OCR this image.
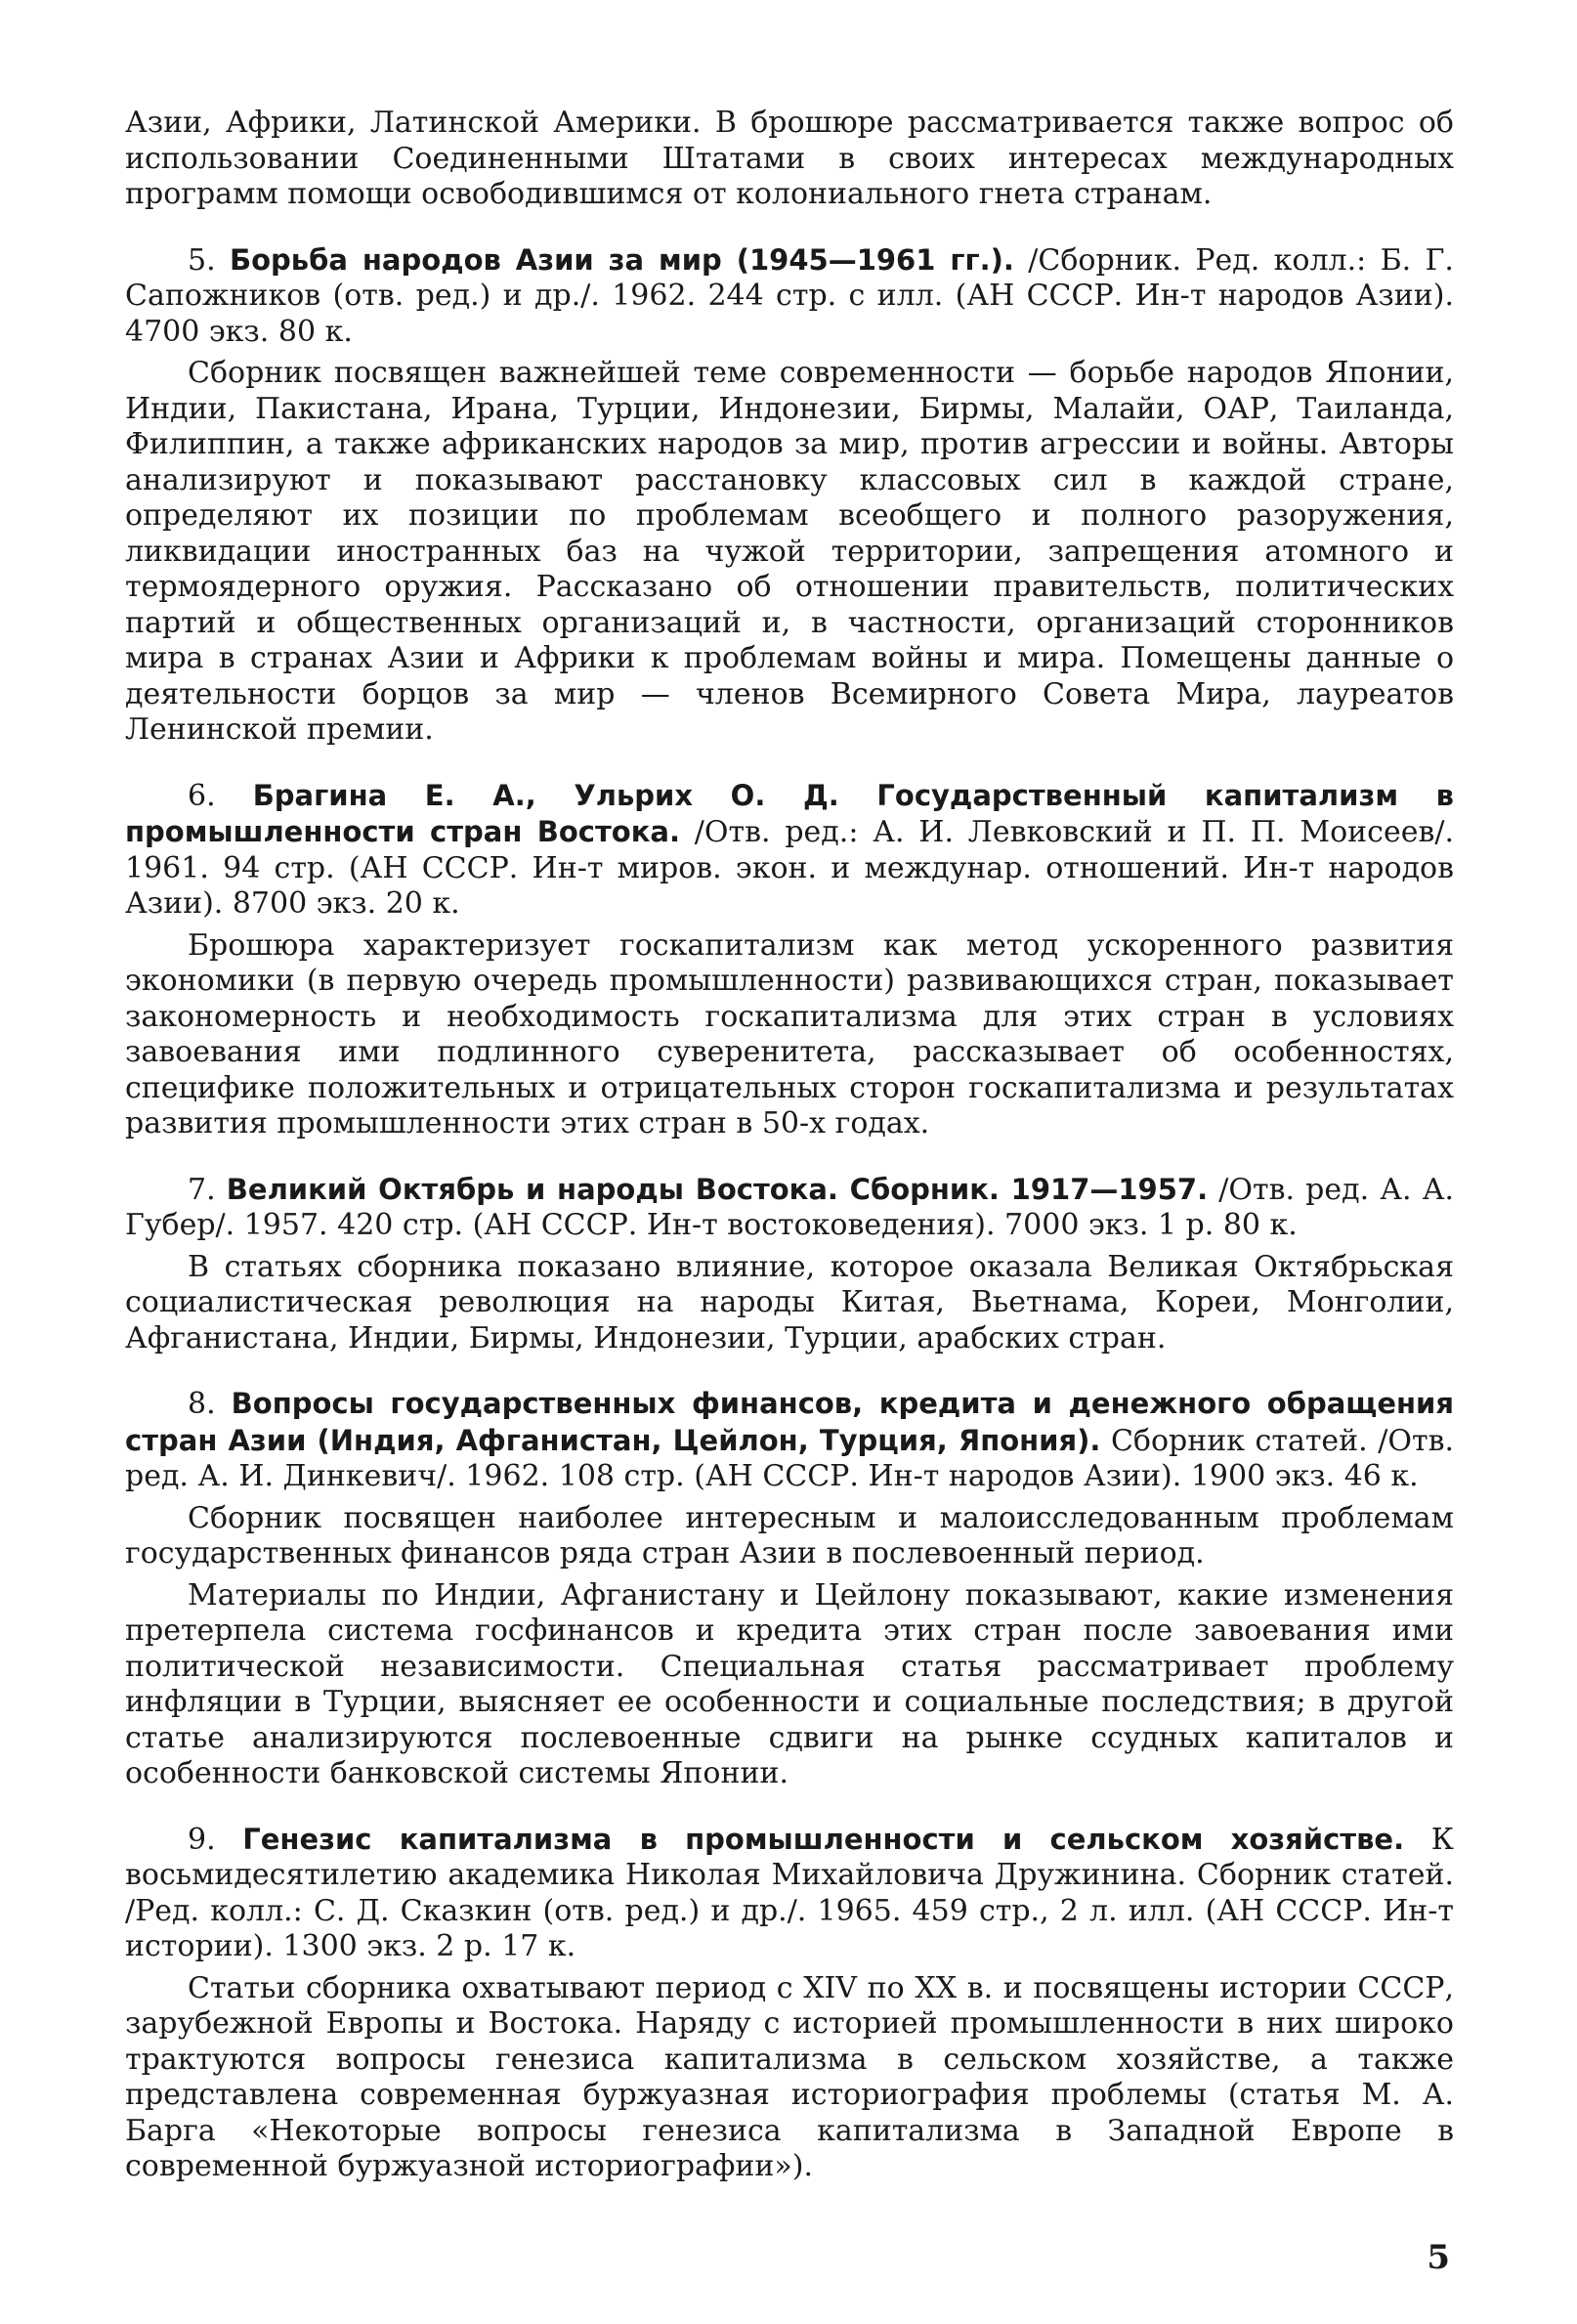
Азии, Африки, Латинской Америки. В брошюре рассматривается также вопрос об использовании Соединенными Штатами в своих интересах международных программ помощи освободившимся от колониального гнета странам.

5. Борьба народов Азии за мир (1945—1961 гг.). /Сборник. Ред. колл.: Б. Г. Сапожников (отв. ред.) и др./. 1962. 244 стр. с илл. (АН СССР. Ин-т народов Азии). 4700 экз. 80 к.

Сборник посвящен важнейшей теме современности — борьбе народов Японии, Индии, Пакистана, Ирана, Турции, Индонезии, Бирмы, Малайи, ОАР, Таиланда, Филиппин, а также африканских народов за мир, против агрессии и войны. Авторы анализируют и показывают расстановку классовых сил в каждой стране, определяют их позиции по проблемам всеобщего и полного разоружения, ликвидации иностранных баз на чужой территории, запрещения атомного и термоядерного оружия. Рассказано об отношении правительств, политических партий и общественных организаций и, в частности, организаций сторонников мира в странах Азии и Африки к проблемам войны и мира. Помещены данные о деятельности борцов за мир — членов Всемирного Совета Мира, лауреатов Ленинской премии.

6. Брагина Е. А., Ульрих О. Д. Государственный капитализм в промышленности стран Востока. /Отв. ред.: А. И. Левковский и П. П. Моисеев/. 1961. 94 стр. (АН СССР. Ин-т миров. экон. и междунар. отношений. Ин-т народов Азии). 8700 экз. 20 к.

Брошюра характеризует госкапитализм как метод ускоренного развития экономики (в первую очередь промышленности) развивающихся стран, показывает закономерность и необходимость госкапитализма для этих стран в условиях завоевания ими подлинного суверенитета, рассказывает об особенностях, специфике положительных и отрицательных сторон госкапитализма и результатах развития промышленности этих стран в 50-х годах.

7. Великий Октябрь и народы Востока. Сборник. 1917—1957. /Отв. ред. А. А. Губер/. 1957. 420 стр. (АН СССР. Ин-т востоковедения). 7000 экз. 1 р. 80 к.

В статьях сборника показано влияние, которое оказала Великая Октябрьская социалистическая революция на народы Китая, Вьетнама, Кореи, Монголии, Афганистана, Индии, Бирмы, Индонезии, Турции, арабских стран.

8. Вопросы государственных финансов, кредита и денежного обращения стран Азии (Индия, Афганистан, Цейлон, Турция, Япония). Сборник статей. /Отв. ред. А. И. Динкевич/. 1962. 108 стр. (АН СССР. Ин-т народов Азии). 1900 экз. 46 к.

Сборник посвящен наиболее интересным и малоисследованным проблемам государственных финансов ряда стран Азии в послевоенный период.

Материалы по Индии, Афганистану и Цейлону показывают, какие изменения претерпела система госфинансов и кредита этих стран после завоевания ими политической независимости. Специальная статья рассматривает проблему инфляции в Турции, выясняет ее особенности и социальные последствия; в другой статье анализируются послевоенные сдвиги на рынке ссудных капиталов и особенности банковской системы Японии.

9. Генезис капитализма в промышленности и сельском хозяйстве. К восьмидесятилетию академика Николая Михайловича Дружинина. Сборник статей. /Ред. колл.: С. Д. Сказкин (отв. ред.) и др./. 1965. 459 стр., 2 л. илл. (АН СССР. Ин-т истории). 1300 экз. 2 р. 17 к.

Статьи сборника охватывают период с XIV по XX в. и посвящены истории СССР, зарубежной Европы и Востока. Наряду с историей промышленности в них широко трактуются вопросы генезиса капитализма в сельском хозяйстве, а также представлена современная буржуазная историография проблемы (статья М. А. Барга «Некоторые вопросы генезиса капитализма в Западной Европе в современной буржуазной историографии»).

5
